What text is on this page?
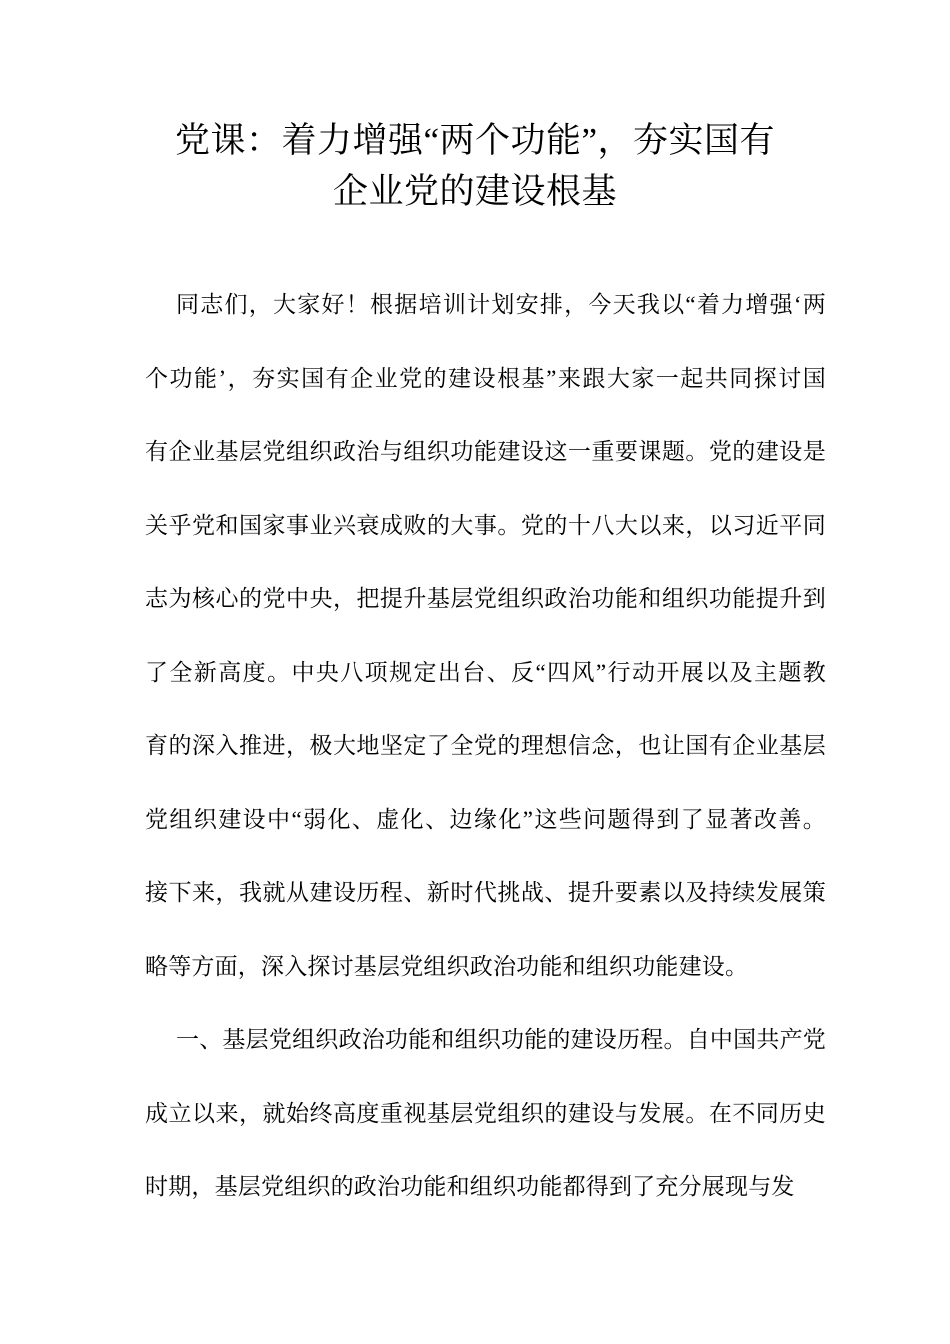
党课：着力增强“两个功能”，夯实国有
企业党的建设根基
同志们，大家好！根据培训计划安排，今天我以“着力增强‘两
个功能’，夯实国有企业党的建设根基”来跟大家一起共同探讨国
有企业基层党组织政治与组织功能建设这一重要课题。党的建设是
关乎党和国家事业兴衰成败的大事。党的十八大以来，以习近平同
志为核心的党中央，把提升基层党组织政治功能和组织功能提升到
了全新高度。中央八项规定出台、反“四风”行动开展以及主题教
育的深入推进，极大地坚定了全党的理想信念，也让国有企业基层
党组织建设中“弱化、虚化、边缘化”这些问题得到了显著改善。
接下来，我就从建设历程、新时代挑战、提升要素以及持续发展策
略等方面，深入探讨基层党组织政治功能和组织功能建设。
一、基层党组织政治功能和组织功能的建设历程。自中国共产党
成立以来，就始终高度重视基层党组织的建设与发展。在不同历史
时期，基层党组织的政治功能和组织功能都得到了充分展现与发
